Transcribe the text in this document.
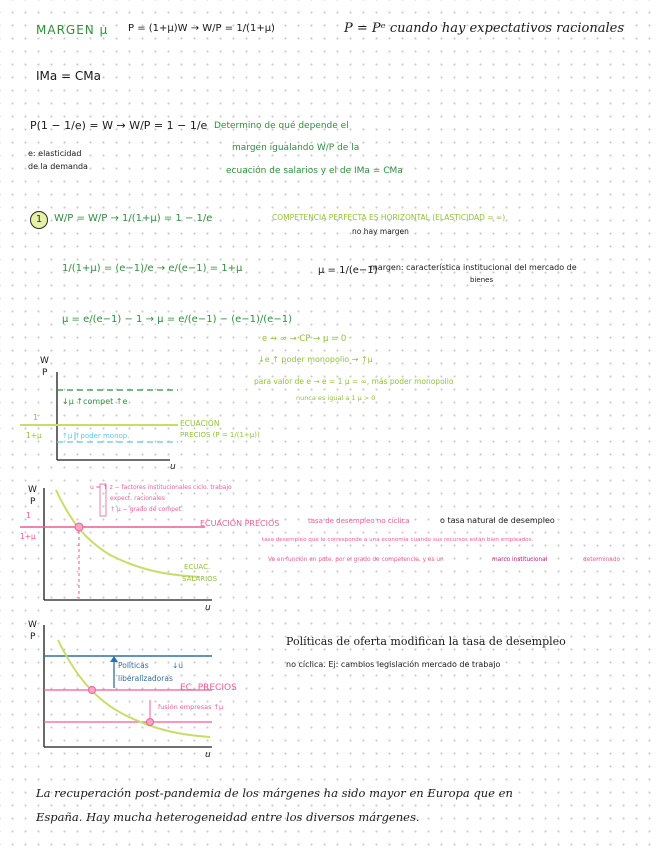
MARGEN μ P = (1+μ)W → W/P = 1/(1+μ)	P = Pᵉ cuando hay expectativos racionales
IMa = CMa
P(1 − 1/e) = W → W/P = 1 − 1/e
e: elasticidad
de la demanda
Determino de qué depende el
margen igualando W/P de la
ecuación de salarios y el de IMa = CMa
1	W/P = W/P → 1/(1+μ) = 1 − 1/e	COMPETENCIA PERFECTA ES HORIZONTAL (ELASTICIDAD = ∞)
no hay margen
1/(1+μ) = (e−1)/e → e/(e−1) = 1+μ	μ = 1/(e−1)
margen: característica institucional del mercado de
bienes
μ = e/(e−1) − 1 → μ = e/(e−1) − (e−1)/(e−1)
e → ∞ → CP → μ = 0
↓e ↑ poder monopolio → ↑μ
para valor de e → e = 1 μ = ∞, más poder monopolio
nunca es igual a 1 μ > 0
W
P
u
1
1+μ
↓μ ↑compet ↑e
↑μ ↑poder monop.
ECUACIÓN
PRECIOS (P = 1/(1+μ))
W
P
u
1
1+μ
u = ↑ z − factores institucionales ciclo. trabajo
expect. racionales
↑ μ − grado de compet.
ECUACIÓN PRECIOS
ECUAC.
SALARIOS
tasa de desempleo no cíclica	o tasa natural de desempleo
tasa desempleo que le corresponde a una economía cuando sus recursos están bien empleados.
Va en función en pdte. por el grado de competencia, y es un	marco institucional	determinado
W
P
u
Políticas	↓u
liberalizadoras
EC. PRECIOS
fusión empresas ↑μ
Políticas de oferta modifican la tasa de desempleo
no cíclica. Ej: cambios legislación mercado de trabajo
La recuperación post-pandemia de los márgenes ha sido mayor en Europa que en
España. Hay mucha heterogeneidad entre los diversos márgenes.
